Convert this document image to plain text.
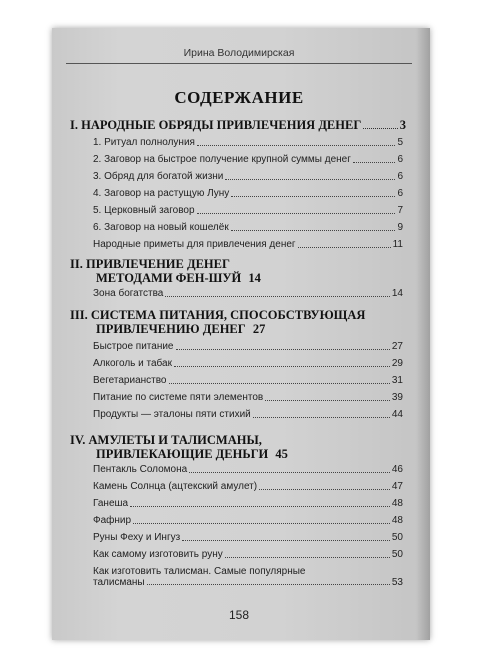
Ирина Володимирская
СОДЕРЖАНИЕ
I. НАРОДНЫЕ ОБРЯДЫ ПРИВЛЕЧЕНИЯ ДЕНЕГ	3
1. Ритуал полнолуния	5
2. Заговор на быстрое получение крупной суммы денег	6
3. Обряд для богатой жизни	6
4. Заговор на растущую Луну	6
5. Церковный заговор	7
6. Заговор на новый кошелёк	9
Народные приметы для привлечения денег	11
II. ПРИВЛЕЧЕНИЕ ДЕНЕГ
МЕТОДАМИ ФЕН-ШУЙ 14
Зона богатства	14
III. СИСТЕМА ПИТАНИЯ, СПОСОБСТВУЮЩАЯ
ПРИВЛЕЧЕНИЮ ДЕНЕГ 27
Быстрое питание	27
Алкоголь и табак	29
Вегетарианство	31
Питание по системе пяти элементов	39
Продукты — эталоны пяти стихий	44
IV. АМУЛЕТЫ И ТАЛИСМАНЫ,
ПРИВЛЕКАЮЩИЕ ДЕНЬГИ 45
Пентакль Соломона	46
Камень Солнца (ацтекский амулет)	47
Ганеша	48
Фафнир	48
Руны Феху и Ингуз	50
Как самому изготовить руну	50
Как изготовить талисман. Самые популярные
талисманы	53
158
